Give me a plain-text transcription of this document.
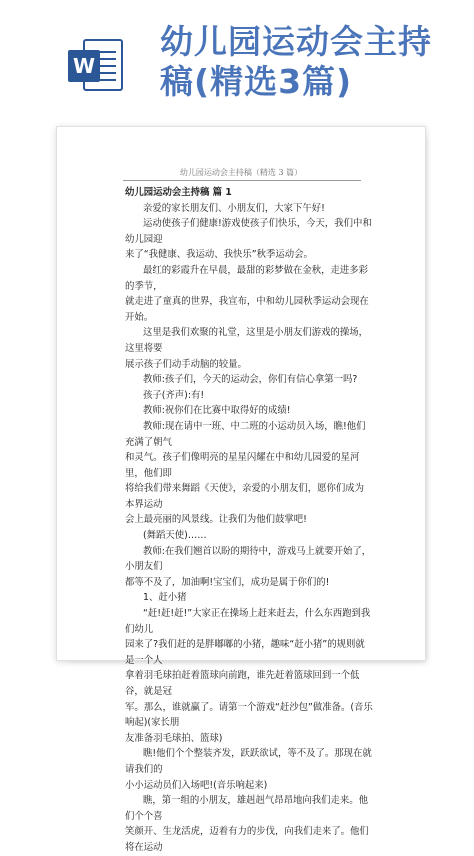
W
幼儿园运动会主持
稿(精选3篇)
幼儿园运动会主持稿（精选 3 篇）

幼儿园运动会主持稿 篇 1

亲爱的家长朋友们、小朋友们，大家下午好!

运动使孩子们健康!游戏使孩子们快乐，今天，我们中和幼儿园迎

来了“我健康、我运动、我快乐”秋季运动会。

最红的彩霞升在早晨，最甜的彩梦做在金秋，走进多彩的季节，

就走进了童真的世界，我宣布，中和幼儿园秋季运动会现在开始。

这里是我们欢聚的礼堂，这里是小朋友们游戏的操场，这里将要

展示孩子们动手动脑的较量。

教师:孩子们，今天的运动会，你们有信心拿第一吗?

孩子(齐声):有!

教师:祝你们在比赛中取得好的成绩!

教师:现在请中一班、中二班的小运动员入场，瞧!他们充满了朝气

和灵气。孩子们像明亮的星星闪耀在中和幼儿园爱的星河里，他们即

将给我们带来舞蹈《天使》，亲爱的小朋友们，愿你们成为本界运动

会上最亮丽的风景线。让我们为他们鼓掌吧!

(舞蹈天使)……

教师:在我们翘首以盼的期待中，游戏马上就要开始了，小朋友们

都等不及了，加油啊!宝宝们，成功是属于你们的!

1、赶小猪

“赶!赶!赶!”大家正在操场上赶来赶去，什么东西跑到我们幼儿

园来了?我们赶的是胖嘟嘟的小猪，趣味“赶小猪”的规则就是一个人

拿着羽毛球拍赶着篮球向前跑，谁先赶着篮球回到一个低谷，就是冠

军。那么，谁就赢了。请第一个游戏“赶沙包”做准备。(音乐响起)(家长朋

友准备羽毛球拍、篮球)

瞧!他们个个整装齐发，跃跃欲试，等不及了。那现在就请我们的

小小运动员们入场吧!(音乐响起来)

瞧，第一组的小朋友，雄赳赳气昂昂地向我们走来。他们个个喜

笑颜开、生龙活虎，迈着有力的步伐，向我们走来了。他们将在运动
